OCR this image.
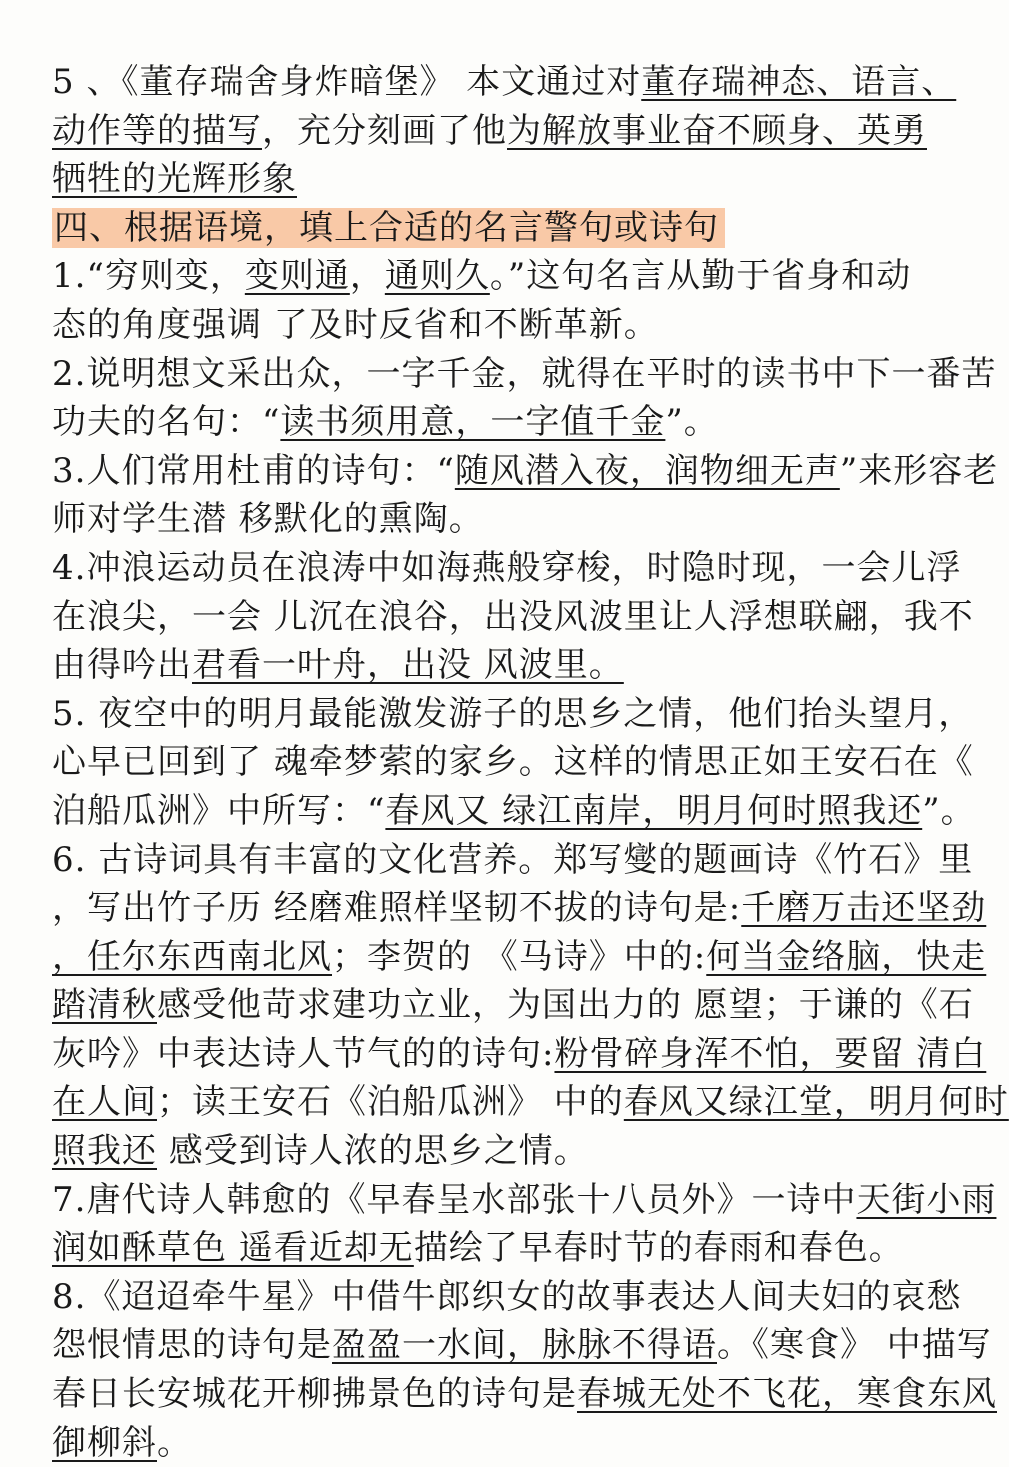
5 、《董存瑞舍身炸暗堡》 本文通过对董存瑞神态、语言、
动作等的描写，充分刻画了他为解放事业奋不顾身、英勇
牺牲的光辉形象
四、根据语境，填上合适的名言警句或诗句
1.“穷则变，变则通，通则久。”这句名言从勤于省身和动
态的角度强调 了及时反省和不断革新。
2.说明想文采出众，一字千金，就得在平时的读书中下一番苦
功夫的名句：“读书须用意，一字值千金”。
3.人们常用杜甫的诗句：“随风潜入夜，润物细无声”来形容老
师对学生潜 移默化的熏陶。
4.冲浪运动员在浪涛中如海燕般穿梭，时隐时现，一会儿浮
在浪尖，一会 儿沉在浪谷，出没风波里让人浮想联翩，我不
由得吟出君看一叶舟，出没 风波里。
5. 夜空中的明月最能激发游子的思乡之情，他们抬头望月，
心早已回到了 魂牵梦萦的家乡。这样的情思正如王安石在《
泊船瓜洲》中所写：“春风又 绿江南岸，明月何时照我还”。
6. 古诗词具有丰富的文化营养。郑写燮的题画诗《竹石》里
，写出竹子历 经磨难照样坚韧不拔的诗句是:千磨万击还坚劲
，任尔东西南北风；李贺的 《马诗》中的:何当金络脑，快走
踏清秋感受他苛求建功立业，为国出力的 愿望；于谦的《石
灰吟》中表达诗人节气的的诗句:粉骨碎身浑不怕，要留 清白
在人间；读王安石《泊船瓜洲》 中的春风又绿江堂，明月何时
照我还 感受到诗人浓的思乡之情。
7.唐代诗人韩愈的《早春呈水部张十八员外》一诗中天街小雨
润如酥草色 遥看近却无描绘了早春时节的春雨和春色。
8.《迢迢牵牛星》中借牛郎织女的故事表达人间夫妇的哀愁
怨恨情思的诗句是盈盈一水间，脉脉不得语。《寒食》 中描写
春日长安城花开柳拂景色的诗句是春城无处不飞花，寒食东风
御柳斜。
